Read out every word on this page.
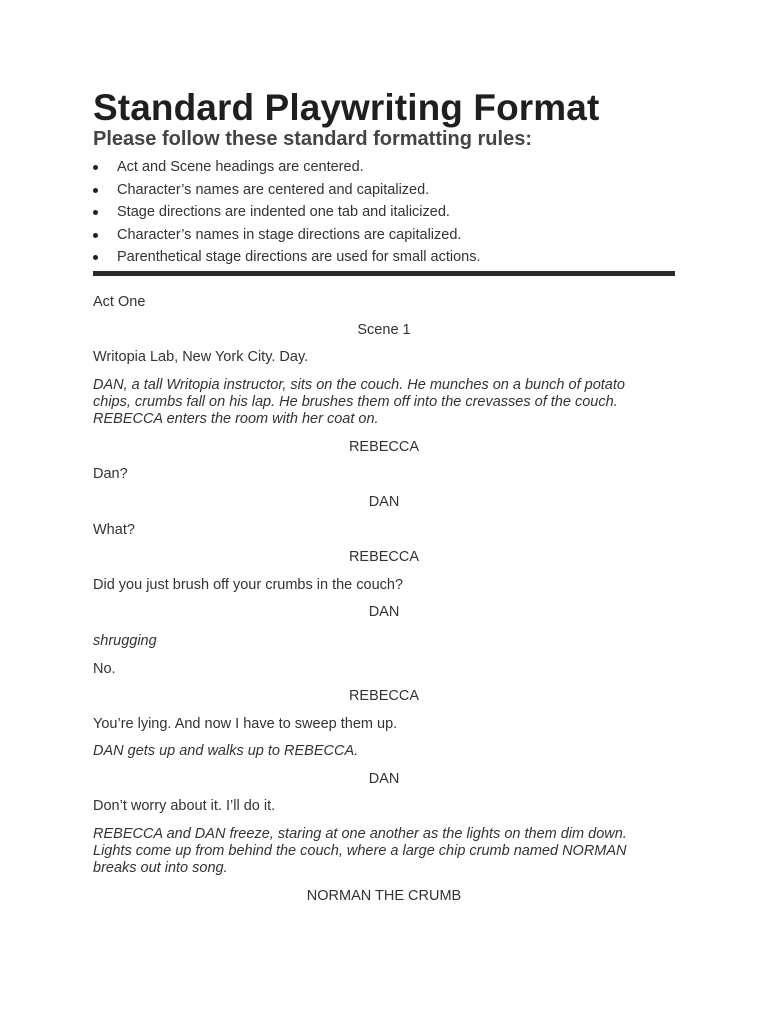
Standard Playwriting Format
Please follow these standard formatting rules:
Act and Scene headings are centered.
Character’s names are centered and capitalized.
Stage directions are indented one tab and italicized.
Character’s names in stage directions are capitalized.
Parenthetical stage directions are used for small actions.

Act One

Scene 1

Writopia Lab, New York City. Day.

DAN, a tall Writopia instructor, sits on the couch. He munches on a bunch of potato
chips, crumbs fall on his lap. He brushes them off into the crevasses of the couch.
REBECCA enters the room with her coat on.

REBECCA

Dan?

DAN

What?

REBECCA

Did you just brush off your crumbs in the couch?

DAN

shrugging

No.

REBECCA

You’re lying. And now I have to sweep them up.

DAN gets up and walks up to REBECCA.

DAN

Don’t worry about it. I’ll do it.

REBECCA and DAN freeze, staring at one another as the lights on them dim down.
Lights come up from behind the couch, where a large chip crumb named NORMAN
breaks out into song.

NORMAN THE CRUMB
